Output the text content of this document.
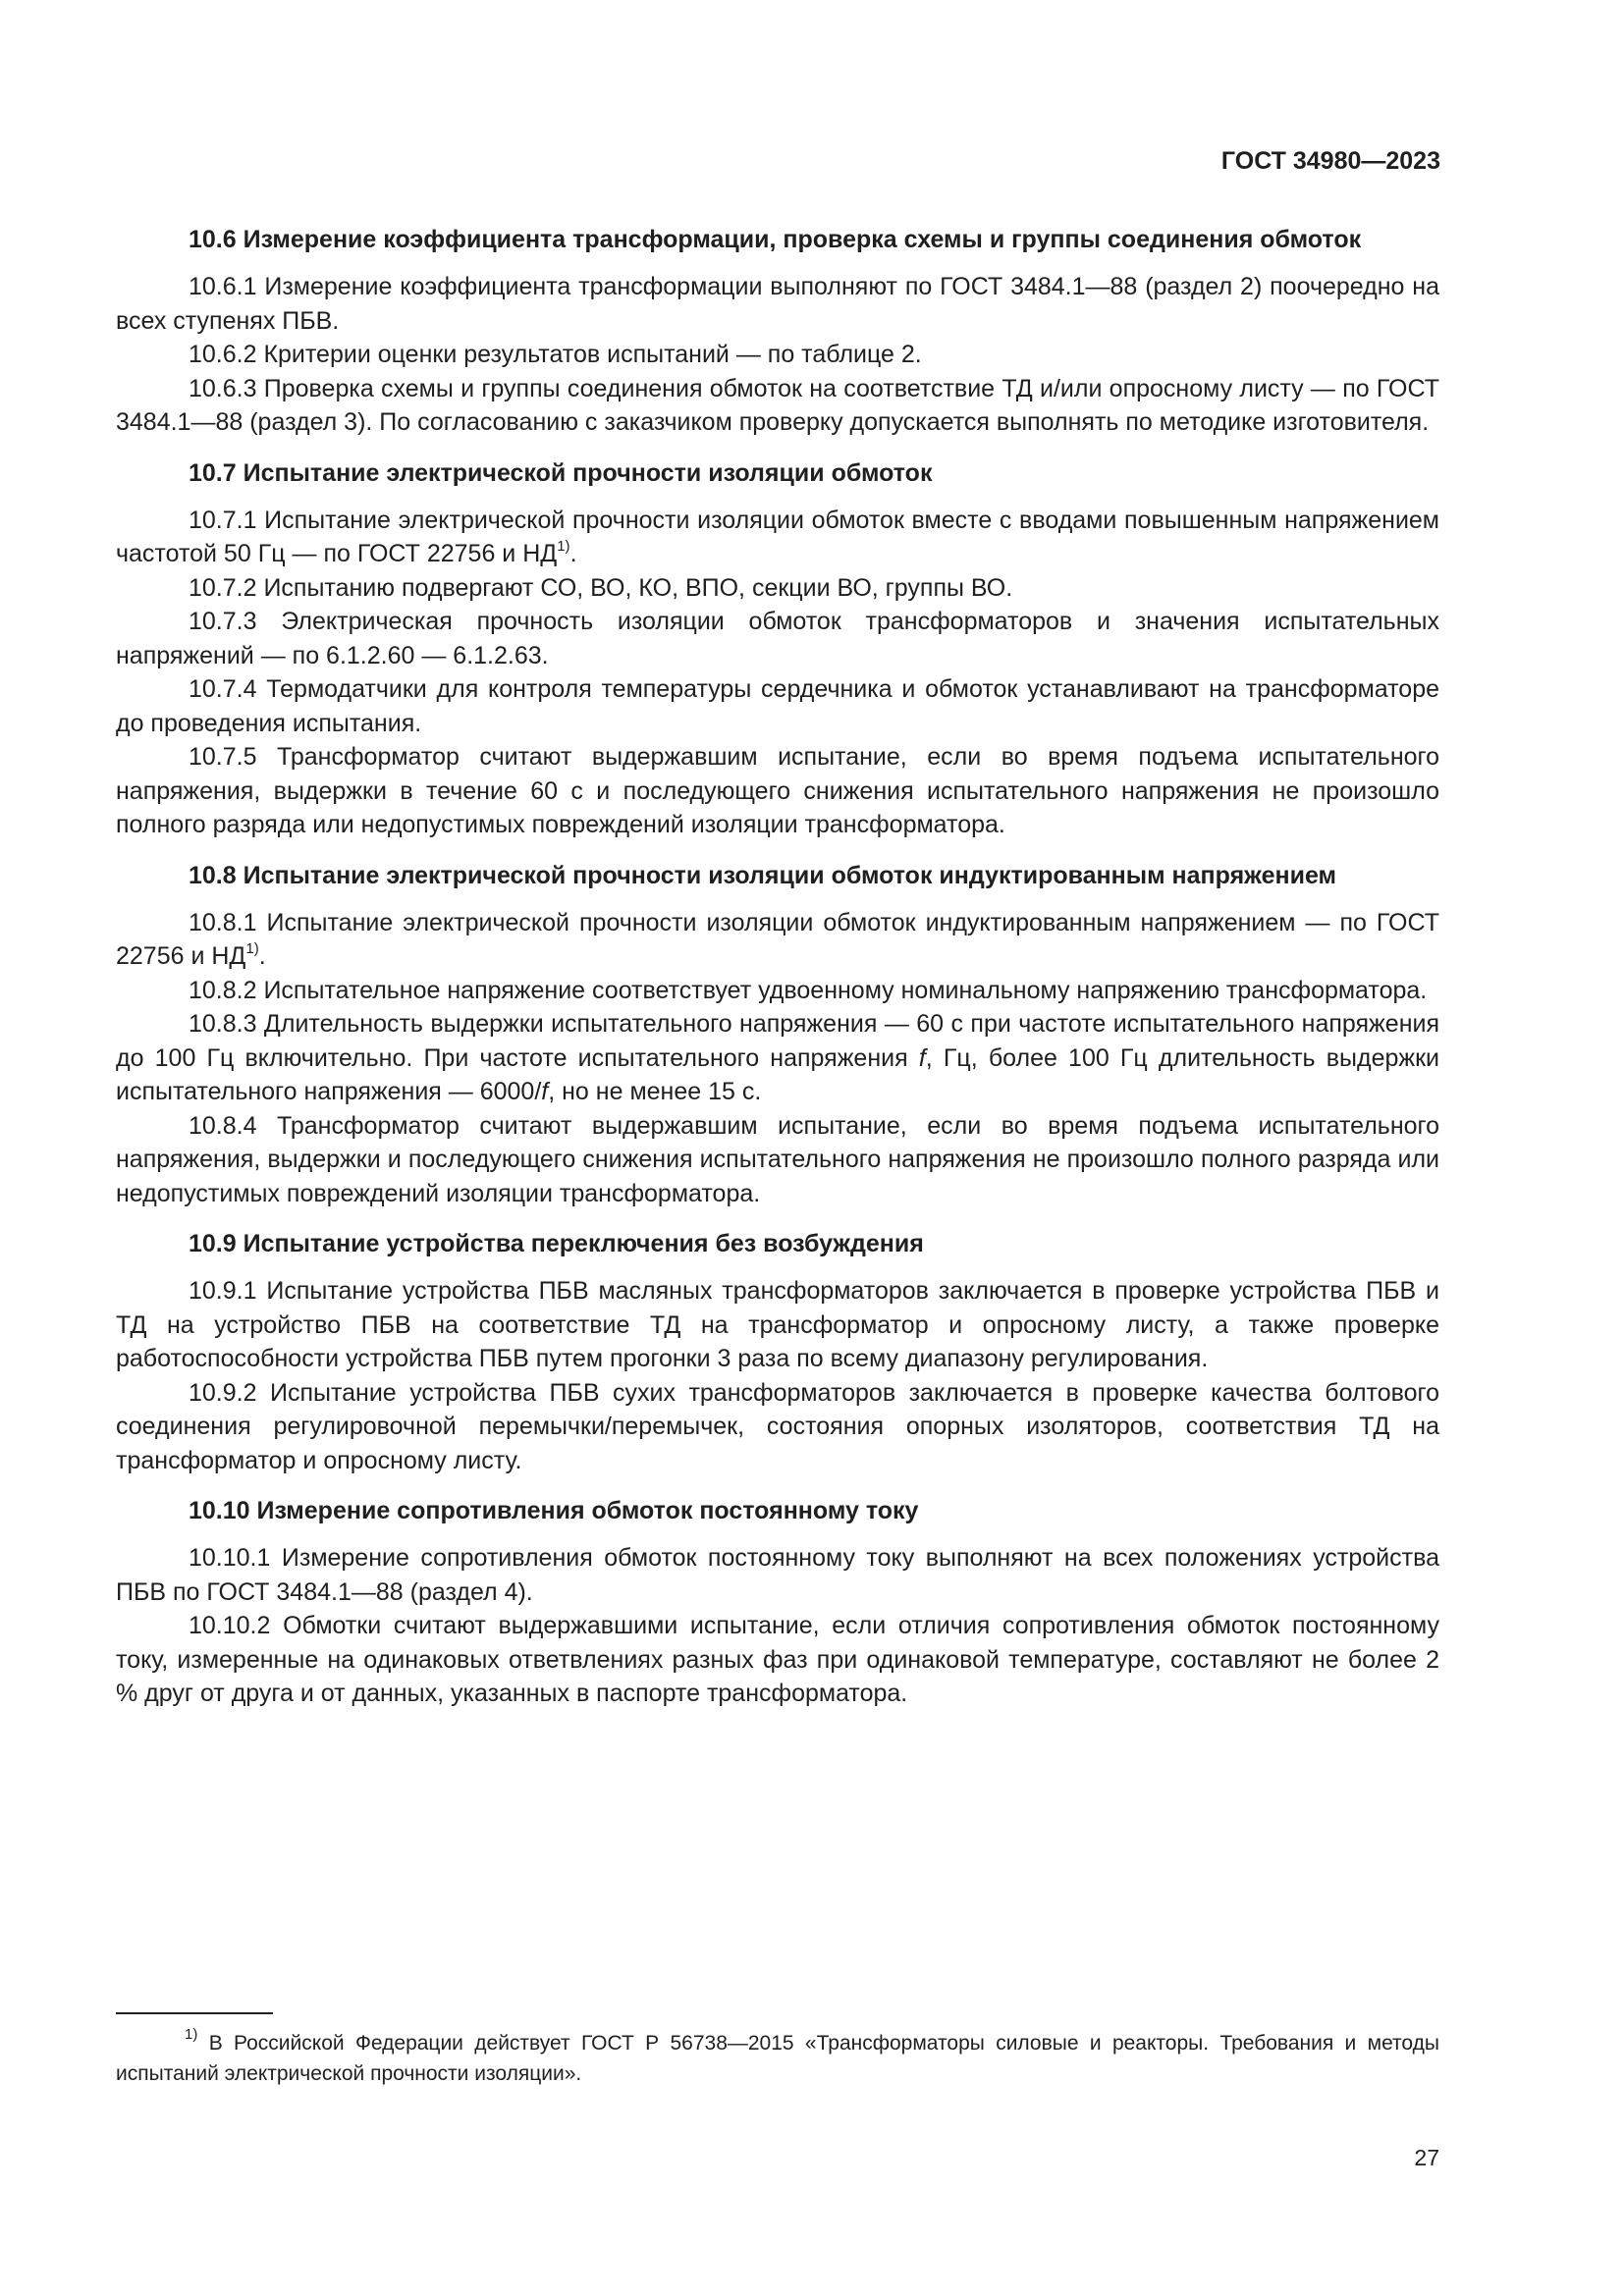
ГОСТ 34980—2023
10.6 Измерение коэффициента трансформации, проверка схемы и группы соединения обмоток

10.6.1 Измерение коэффициента трансформации выполняют по ГОСТ 3484.1—88 (раздел 2) поочередно на всех ступенях ПБВ.

10.6.2 Критерии оценки результатов испытаний — по таблице 2.

10.6.3 Проверка схемы и группы соединения обмоток на соответствие ТД и/или опросному листу — по ГОСТ 3484.1—88 (раздел 3). По согласованию с заказчиком проверку допускается выполнять по методике изготовителя.

10.7 Испытание электрической прочности изоляции обмоток

10.7.1 Испытание электрической прочности изоляции обмоток вместе с вводами повышенным напряжением частотой 50 Гц — по ГОСТ 22756 и НД$^{1)}$.

10.7.2 Испытанию подвергают СО, ВО, КО, ВПО, секции ВО, группы ВО.

10.7.3 Электрическая прочность изоляции обмоток трансформаторов и значения испытательных напряжений — по 6.1.2.60 — 6.1.2.63.

10.7.4 Термодатчики для контроля температуры сердечника и обмоток устанавливают на трансформаторе до проведения испытания.

10.7.5 Трансформатор считают выдержавшим испытание, если во время подъема испытательного напряжения, выдержки в течение 60 с и последующего снижения испытательного напряжения не произошло полного разряда или недопустимых повреждений изоляции трансформатора.

10.8 Испытание электрической прочности изоляции обмоток индуктированным напряжением

10.8.1 Испытание электрической прочности изоляции обмоток индуктированным напряжением — по ГОСТ 22756 и НД$^{1)}$.

10.8.2 Испытательное напряжение соответствует удвоенному номинальному напряжению трансформатора.

10.8.3 Длительность выдержки испытательного напряжения — 60 с при частоте испытательного напряжения до 100 Гц включительно. При частоте испытательного напряжения f, Гц, более 100 Гц длительность выдержки испытательного напряжения — 6000/f, но не менее 15 с.

10.8.4 Трансформатор считают выдержавшим испытание, если во время подъема испытательного напряжения, выдержки и последующего снижения испытательного напряжения не произошло полного разряда или недопустимых повреждений изоляции трансформатора.

10.9 Испытание устройства переключения без возбуждения

10.9.1 Испытание устройства ПБВ масляных трансформаторов заключается в проверке устройства ПБВ и ТД на устройство ПБВ на соответствие ТД на трансформатор и опросному листу, а также проверке работоспособности устройства ПБВ путем прогонки 3 раза по всему диапазону регулирования.

10.9.2 Испытание устройства ПБВ сухих трансформаторов заключается в проверке качества болтового соединения регулировочной перемычки/перемычек, состояния опорных изоляторов, соответствия ТД на трансформатор и опросному листу.

10.10 Измерение сопротивления обмоток постоянному току

10.10.1 Измерение сопротивления обмоток постоянному току выполняют на всех положениях устройства ПБВ по ГОСТ 3484.1—88 (раздел 4).

10.10.2 Обмотки считают выдержавшими испытание, если отличия сопротивления обмоток постоянному току, измеренные на одинаковых ответвлениях разных фаз при одинаковой температуре, составляют не более 2 % друг от друга и от данных, указанных в паспорте трансформатора.

$^{1)}$ В Российской Федерации действует ГОСТ Р 56738—2015 «Трансформаторы силовые и реакторы. Требования и методы испытаний электрической прочности изоляции».
27
